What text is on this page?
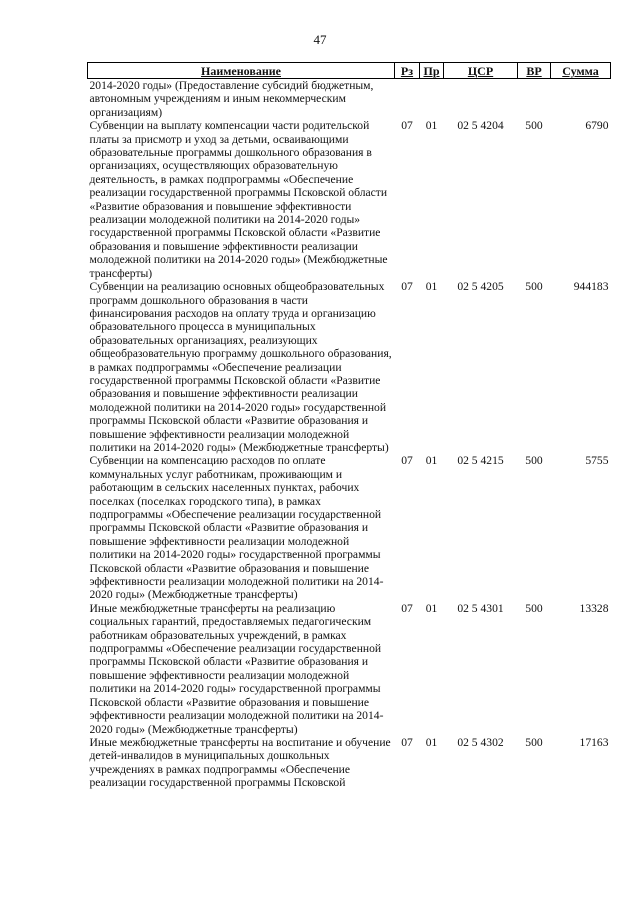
47
Наименование	Рз	Пр	ЦСР	ВР	Сумма
2014-2020 годы» (Предоставление субсидий бюджетным, автономным учреждениям и иным некоммерческим организациям)					
Субвенции на выплату компенсации части родительской платы за присмотр и уход за детьми, осваивающими образовательные программы дошкольного образования в организациях, осуществляющих образовательную деятельность, в рамках подпрограммы «Обеспечение реализации государственной программы Псковской области «Развитие образования и повышение эффективности реализации молодежной политики на 2014-2020 годы» государственной программы Псковской области «Развитие образования и повышение эффективности реализации молодежной политики на 2014-2020 годы» (Межбюджетные трансферты)	07	01	02 5 4204	500	6790
Субвенции на реализацию основных общеобразовательных программ дошкольного образования в части финансирования расходов на оплату труда и организацию образовательного процесса в муниципальных образовательных организациях, реализующих общеобразовательную программу дошкольного образования, в рамках подпрограммы «Обеспечение реализации государственной программы Псковской области «Развитие образования и повышение эффективности реализации молодежной политики на 2014-2020 годы» государственной программы Псковской области «Развитие образования и повышение эффективности реализации молодежной политики на 2014-2020 годы» (Межбюджетные трансферты)	07	01	02 5 4205	500	944183
Субвенции на компенсацию расходов по оплате коммунальных услуг работникам, проживающим и работающим в сельских населенных пунктах, рабочих поселках (поселках городского типа), в рамках подпрограммы «Обеспечение реализации государственной программы Псковской области «Развитие образования и повышение эффективности реализации молодежной политики на 2014-2020 годы» государственной программы Псковской области «Развитие образования и повышение эффективности реализации молодежной политики на 2014-2020 годы» (Межбюджетные трансферты)	07	01	02 5 4215	500	5755
Иные межбюджетные трансферты на реализацию социальных гарантий, предоставляемых педагогическим работникам образовательных учреждений, в рамках подпрограммы «Обеспечение реализации государственной программы Псковской области «Развитие образования и повышение эффективности реализации молодежной политики на 2014-2020 годы» государственной программы Псковской области «Развитие образования и повышение эффективности реализации молодежной политики на 2014-2020 годы» (Межбюджетные трансферты)	07	01	02 5 4301	500	13328
Иные межбюджетные трансферты на воспитание и обучение детей-инвалидов в муниципальных дошкольных учреждениях в рамках подпрограммы «Обеспечение реализации государственной программы Псковской	07	01	02 5 4302	500	17163
